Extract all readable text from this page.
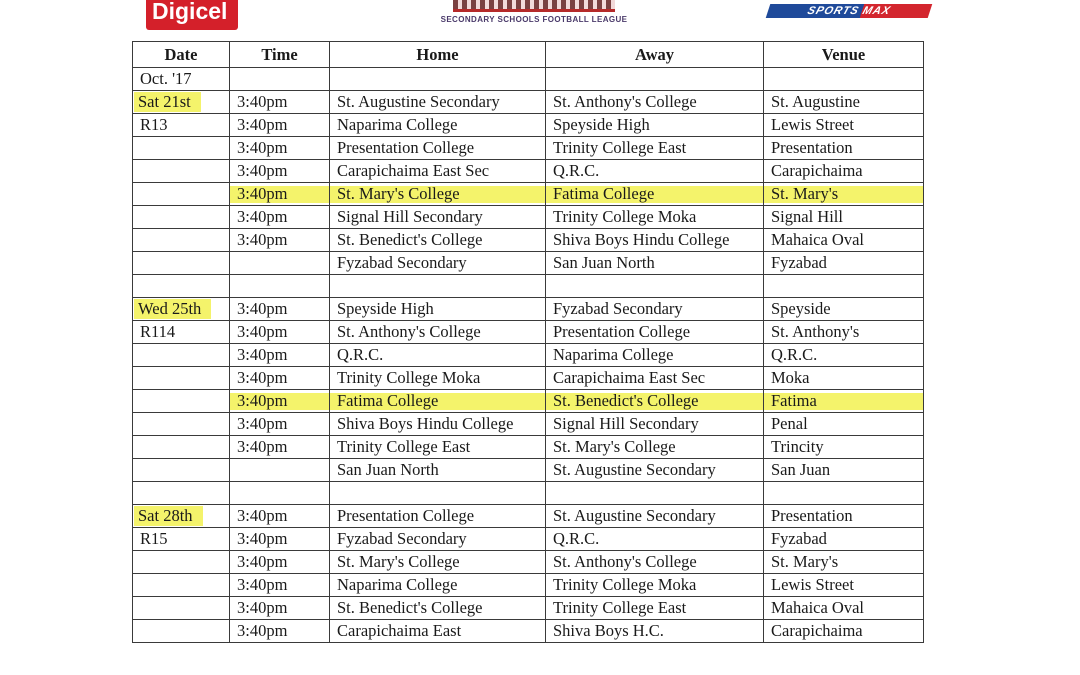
Digicel	SECONDARY SCHOOLS FOOTBALL LEAGUE
SPORTS MAX
Date	Time	Home	Away	Venue
Oct. '17				
Sat 21st	3:40pm	St. Augustine Secondary	St. Anthony's College	St. Augustine
R13	3:40pm	Naparima College	Speyside High	Lewis Street
	3:40pm	Presentation College	Trinity College East	Presentation
	3:40pm	Carapichaima East Sec	Q.R.C.	Carapichaima
	3:40pm	St. Mary's College	Fatima College	St. Mary's
	3:40pm	Signal Hill Secondary	Trinity College Moka	Signal Hill
	3:40pm	St. Benedict's College	Shiva Boys Hindu College	Mahaica Oval
		Fyzabad Secondary	San Juan North	Fyzabad

Wed 25th	3:40pm	Speyside High	Fyzabad Secondary	Speyside
R114	3:40pm	St. Anthony's College	Presentation College	St. Anthony's
	3:40pm	Q.R.C.	Naparima College	Q.R.C.
	3:40pm	Trinity College Moka	Carapichaima East Sec	Moka
	3:40pm	Fatima College	St. Benedict's College	Fatima
	3:40pm	Shiva Boys Hindu College	Signal Hill Secondary	Penal
	3:40pm	Trinity College East	St. Mary's College	Trincity
		San Juan North	St. Augustine Secondary	San Juan

Sat 28th	3:40pm	Presentation College	St. Augustine Secondary	Presentation
R15	3:40pm	Fyzabad Secondary	Q.R.C.	Fyzabad
	3:40pm	St. Mary's College	St. Anthony's College	St. Mary's
	3:40pm	Naparima College	Trinity College Moka	Lewis Street
	3:40pm	St. Benedict's College	Trinity College East	Mahaica Oval
	3:40pm	Carapichaima East	Shiva Boys H.C.	Carapichaima
